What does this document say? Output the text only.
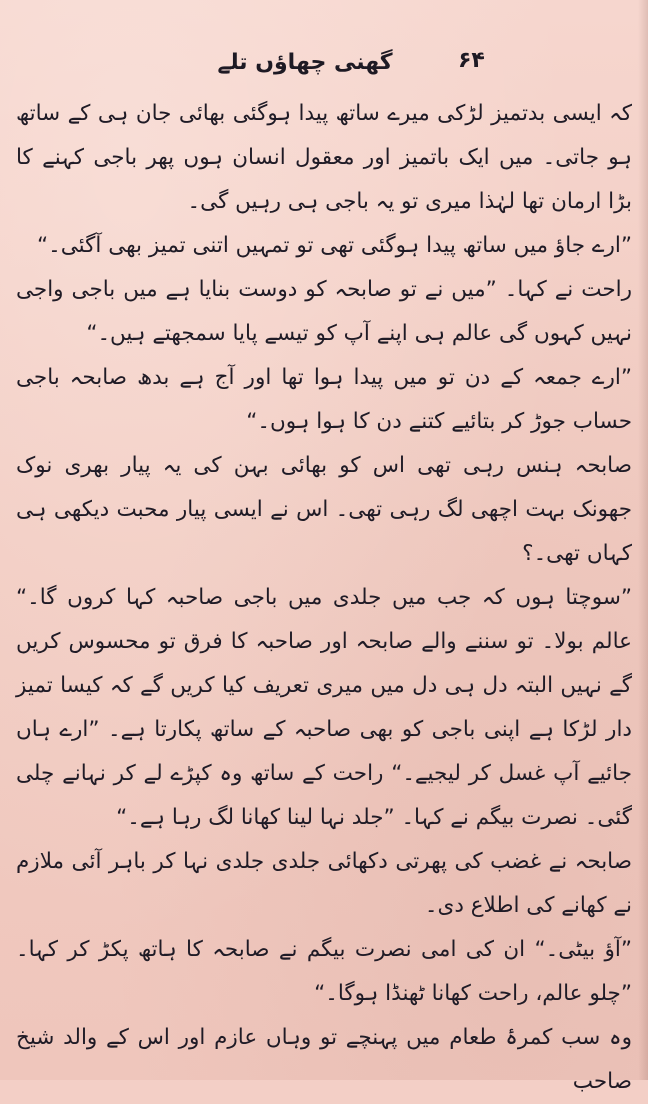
گھنی چھاؤں تلے	۶۴

کہ ایسی بدتمیز لڑکی میرے ساتھ پیدا ہوگئی بھائی جان ہی کے ساتھ ہو جاتی۔ میں ایک باتمیز اور معقول انسان ہوں پھر باجی کہنے کا بڑا ارمان تھا لہٰذا میری تو یہ باجی ہی رہیں گی۔

”ارے جاؤ میں ساتھ پیدا ہوگئی تھی تو تمہیں اتنی تمیز بھی آگئی۔“

راحت نے کہا۔ ”میں نے تو صابحہ کو دوست بنایا ہے میں باجی واجی نہیں کہوں گی عالم ہی اپنے آپ کو تیسے پایا سمجھتے ہیں۔“

”ارے جمعہ کے دن تو میں پیدا ہوا تھا اور آج ہے بدھ صابحہ باجی حساب جوڑ کر بتائیے کتنے دن کا ہوا ہوں۔“

صابحہ ہنس رہی تھی اس کو بھائی بہن کی یہ پیار بھری نوک جھونک بہت اچھی لگ رہی تھی۔ اس نے ایسی پیار محبت دیکھی ہی کہاں تھی۔؟

”سوچتا ہوں کہ جب میں جلدی میں باجی صاحبہ کہا کروں گا۔“ عالم بولا۔ تو سننے والے صابحہ اور صاحبہ کا فرق تو محسوس کریں گے نہیں البتہ دل ہی دل میں میری تعریف کیا کریں گے کہ کیسا تمیز دار لڑکا ہے اپنی باجی کو بھی صاحبہ کے ساتھ پکارتا ہے۔ ”ارے ہاں جائیے آپ غسل کر لیجیے۔“ راحت کے ساتھ وہ کپڑے لے کر نہانے چلی گئی۔ نصرت بیگم نے کہا۔ ”جلد نہا لینا کھانا لگ رہا ہے۔“

صابحہ نے غضب کی پھرتی دکھائی جلدی جلدی نہا کر باہر آئی ملازم نے کھانے کی اطلاع دی۔

”آؤ بیٹی۔“ ان کی امی نصرت بیگم نے صابحہ کا ہاتھ پکڑ کر کہا۔ ”چلو عالم، راحت کھانا ٹھنڈا ہوگا۔“

وہ سب کمرۂ طعام میں پہنچے تو وہاں عازم اور اس کے والد شیخ صاحب
